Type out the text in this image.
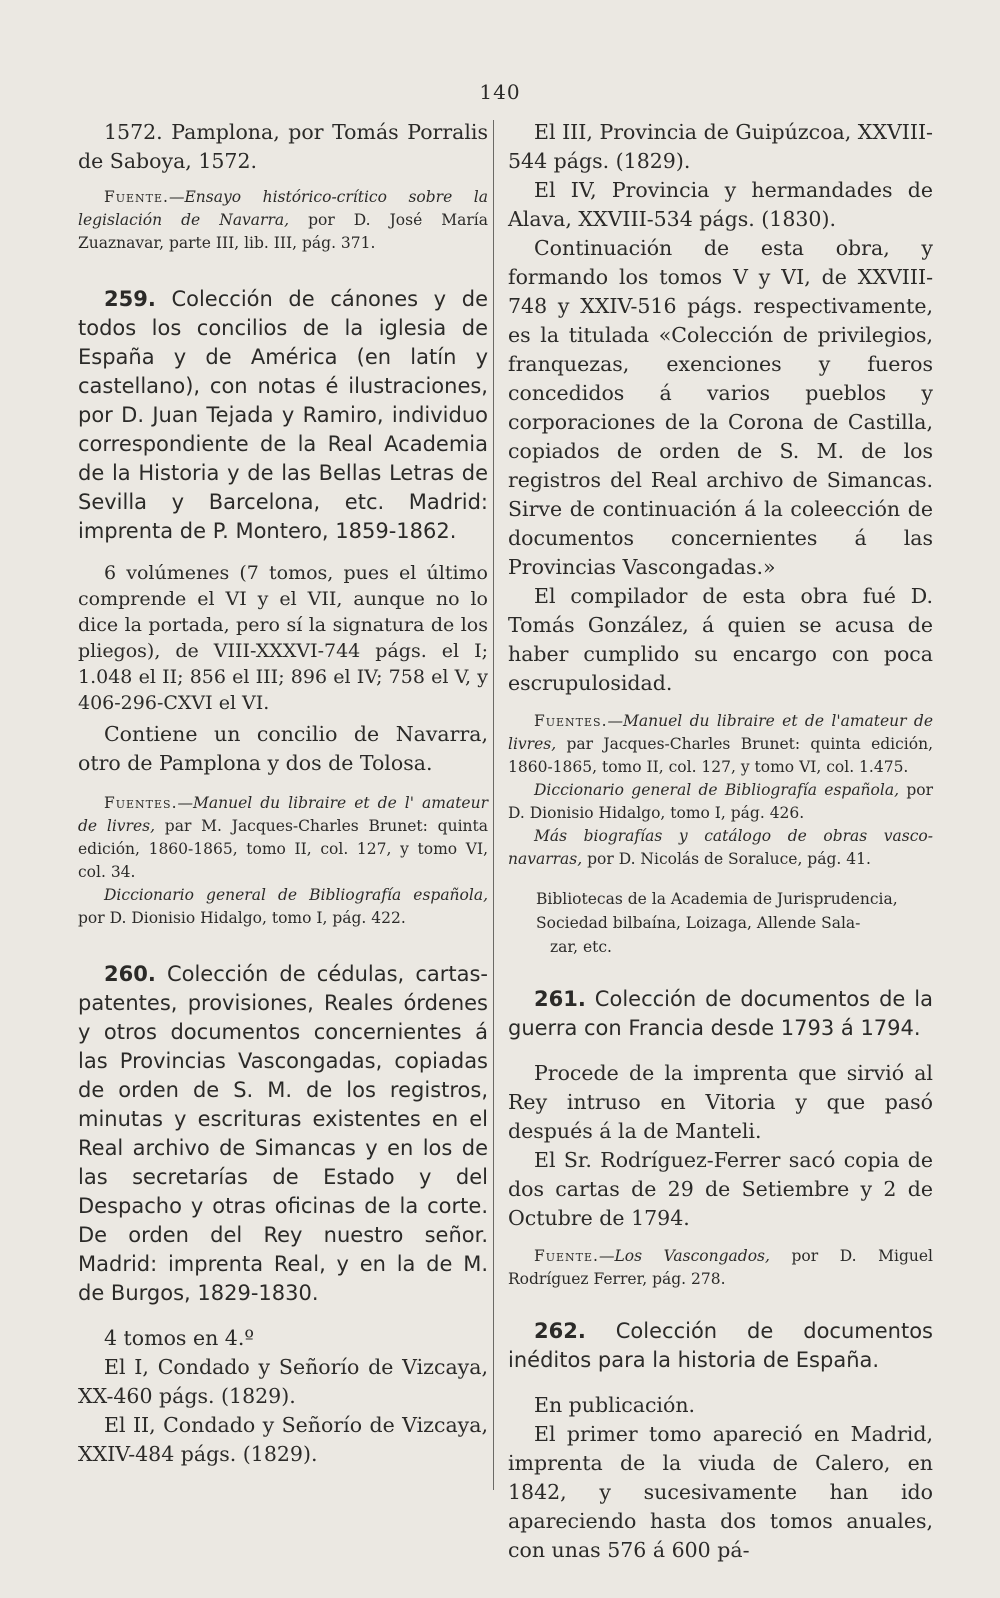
140

1572. Pamplona, por Tomás Porralis de Saboya, 1572.

Fuente.—Ensayo histórico-crítico sobre la legislación de Navarra, por D. José María Zuaznavar, parte III, lib. III, pág. 371.

259. Colección de cánones y de todos los concilios de la iglesia de España y de América (en latín y castellano), con notas é ilustraciones, por D. Juan Tejada y Ramiro, individuo correspondiente de la Real Academia de la Historia y de las Bellas Letras de Sevilla y Barcelona, etc. Madrid: imprenta de P. Montero, 1859-1862.

6 volúmenes (7 tomos, pues el último comprende el VI y el VII, aunque no lo dice la portada, pero sí la signatura de los pliegos), de VIII-XXXVI-744 págs. el I; 1.048 el II; 856 el III; 896 el IV; 758 el V, y 406-296-CXVI el VI.

Contiene un concilio de Navarra, otro de Pamplona y dos de Tolosa.

Fuentes.—Manuel du libraire et de l' amateur de livres, par M. Jacques-Charles Brunet: quinta edición, 1860-1865, tomo II, col. 127, y tomo VI, col. 34.

Diccionario general de Bibliografía española, por D. Dionisio Hidalgo, tomo I, pág. 422.

260. Colección de cédulas, cartas-patentes, provisiones, Reales órdenes y otros documentos concernientes á las Provincias Vascongadas, copiadas de orden de S. M. de los registros, minutas y escrituras existentes en el Real archivo de Simancas y en los de las secretarías de Estado y del Despacho y otras oficinas de la corte. De orden del Rey nuestro señor. Madrid: imprenta Real, y en la de M. de Burgos, 1829-1830.

4 tomos en 4.º

El I, Condado y Señorío de Vizcaya, XX-460 págs. (1829).

El II, Condado y Señorío de Vizcaya, XXIV-484 págs. (1829).

El III, Provincia de Guipúzcoa, XXVIII-544 págs. (1829).

El IV, Provincia y hermandades de Alava, XXVIII-534 págs. (1830).

Continuación de esta obra, y formando los tomos V y VI, de XXVIII-748 y XXIV-516 págs. respectivamente, es la titulada «Colección de privilegios, franquezas, exenciones y fueros concedidos á varios pueblos y corporaciones de la Corona de Castilla, copiados de orden de S. M. de los registros del Real archivo de Simancas. Sirve de continuación á la coleección de documentos concernientes á las Provincias Vascongadas.»

El compilador de esta obra fué D. Tomás González, á quien se acusa de haber cumplido su encargo con poca escrupulosidad.

Fuentes.—Manuel du libraire et de l'amateur de livres, par Jacques-Charles Brunet: quinta edición, 1860-1865, tomo II, col. 127, y tomo VI, col. 1.475.

Diccionario general de Bibliografía española, por D. Dionisio Hidalgo, tomo I, pág. 426.

Más biografías y catálogo de obras vasco-navarras, por D. Nicolás de Soraluce, pág. 41.

Bibliotecas de la Academia de Jurisprudencia, Sociedad bilbaína, Loizaga, Allende Sala-
zar, etc.

261. Colección de documentos de la guerra con Francia desde 1793 á 1794.

Procede de la imprenta que sirvió al Rey intruso en Vitoria y que pasó después á la de Manteli.

El Sr. Rodríguez-Ferrer sacó copia de dos cartas de 29 de Setiembre y 2 de Octubre de 1794.

Fuente.—Los Vascongados, por D. Miguel Rodríguez Ferrer, pág. 278.

262. Colección de documentos inéditos para la historia de España.

En publicación.

El primer tomo apareció en Madrid, imprenta de la viuda de Calero, en 1842, y sucesivamente han ido apareciendo hasta dos tomos anuales, con unas 576 á 600 pá-
